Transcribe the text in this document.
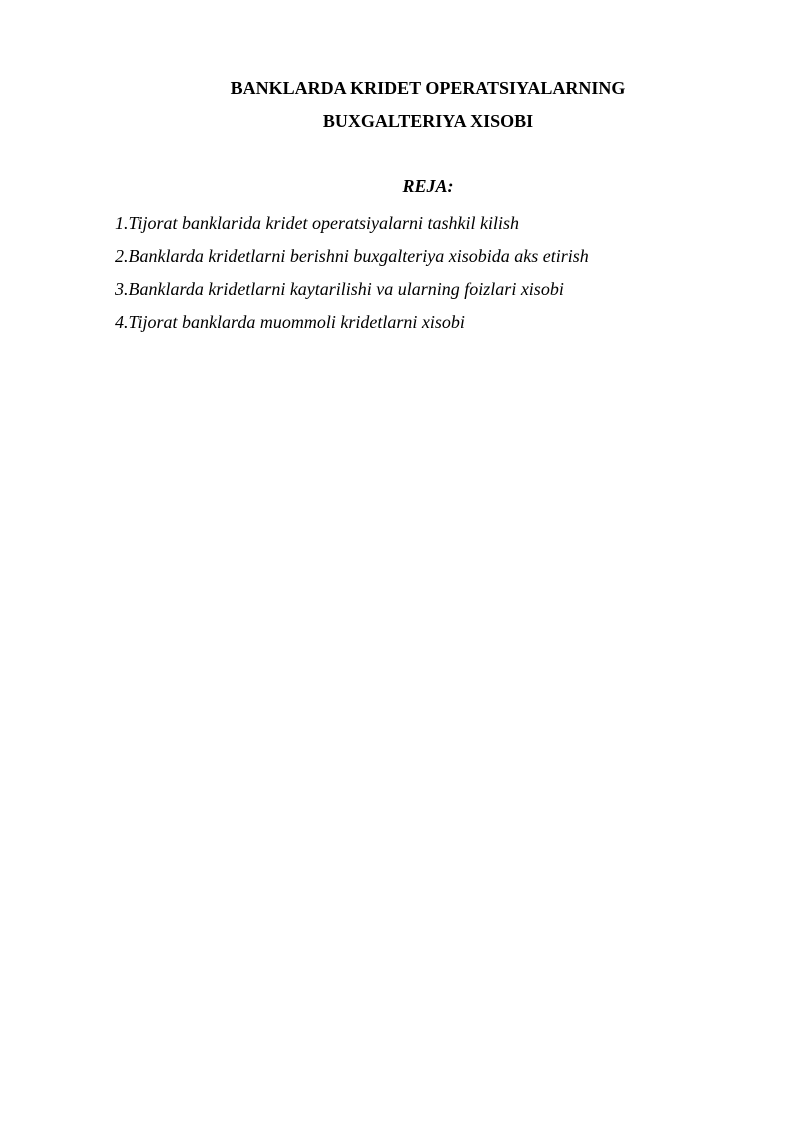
BANKLARDA KRIDET OPERATSIYALARNING
BUXGALTERIYA XISOBI
REJA:
1.Tijorat banklarida kridet operatsiyalarni tashkil kilish
2.Banklarda kridetlarni berishni buxgalteriya xisobida aks etirish
3.Banklarda kridetlarni kaytarilishi va ularning foizlari xisobi
4.Tijorat banklarda muommoli kridetlarni xisobi
